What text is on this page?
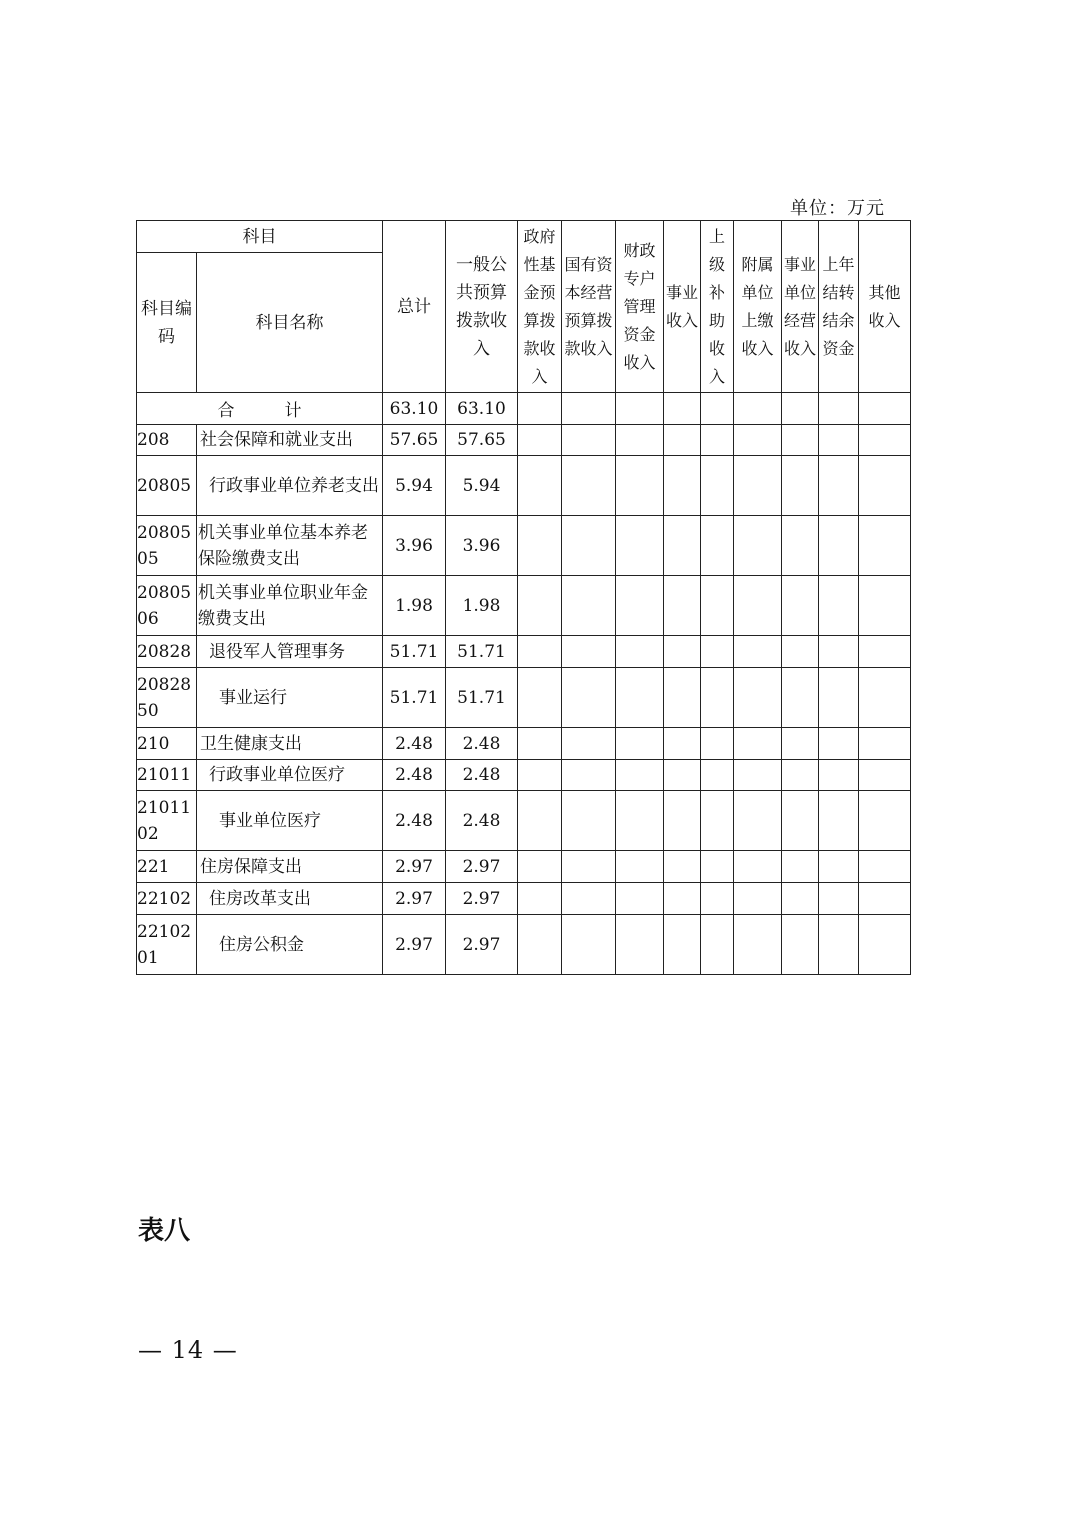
单位：万元
科目		总计	一般公共预算拨款收入	政府性基金预算拨款收入	国有资本经营预算拨款收入	财政专户管理资金收入	事业收入	上级补助收入	附属单位上缴收入	事业单位经营收入	上年结转结余资金	其他收入

科目编码	科目名称											
合 计		63.10	63.10									
208	社会保障和就业支出	57.65	57.65									
20805	行政事业单位养老支出	5.94	5.94									
2080505	机关事业单位基本养老保险缴费支出	3.96	3.96									
2080506	机关事业单位职业年金缴费支出	1.98	1.98									
20828	退役军人管理事务	51.71	51.71									
2082850	事业运行	51.71	51.71									
210	卫生健康支出	2.48	2.48									
21011	行政事业单位医疗	2.48	2.48									
2101102	事业单位医疗	2.48	2.48									
221	住房保障支出	2.97	2.97									
22102	住房改革支出	2.97	2.97									
2210201	住房公积金	2.97	2.97									
表八
— 14 —
